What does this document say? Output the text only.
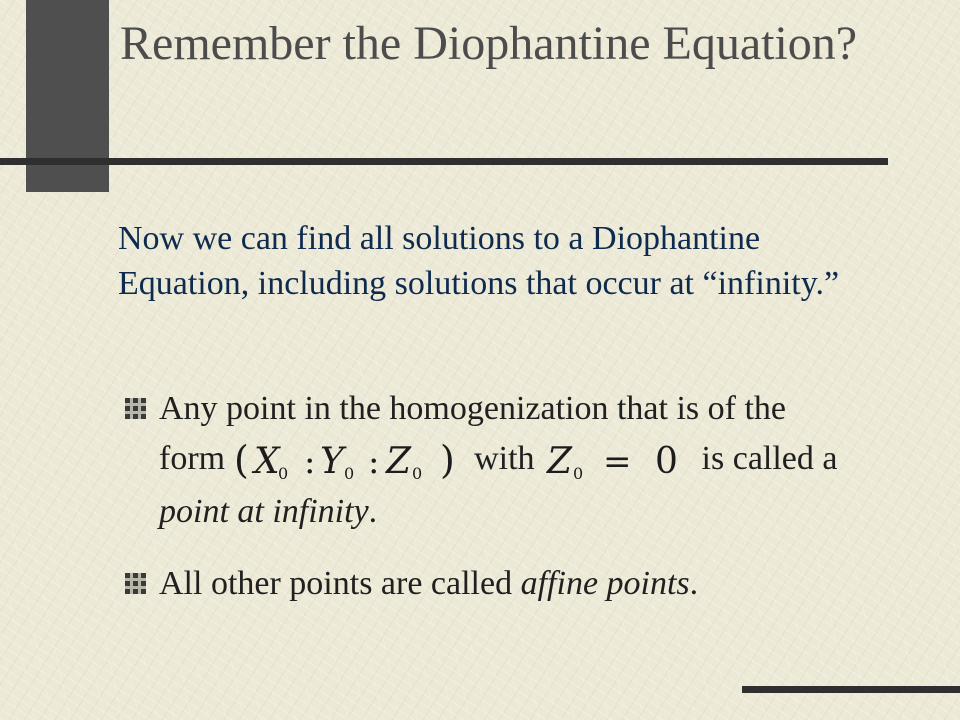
Remember the Diophantine Equation?

Now we can find all solutions to a Diophantine Equation, including solutions that occur at “infinity.”

Any point in the homogenization that is of the form ( X
0 : Y 0 : Z 0 ) with Z 0 = 0 is called a point at infinity.
All other points are called affine points.
